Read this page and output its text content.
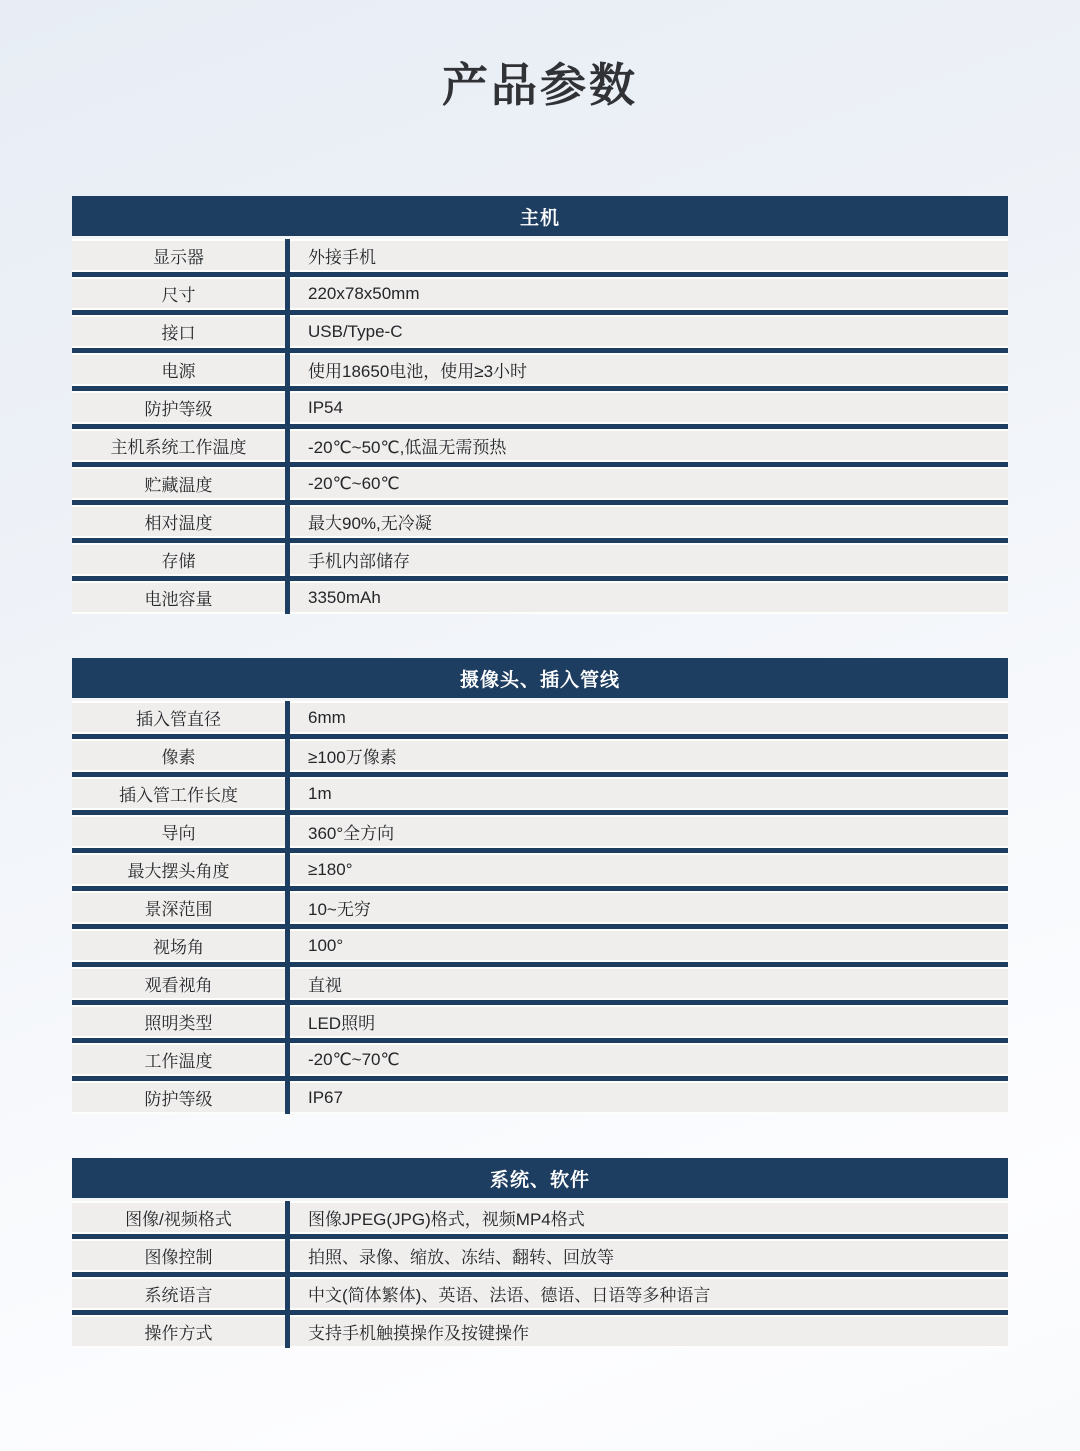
产品参数
主机
显示器	外接手机
尺寸	220x78x50mm
接口	USB/Type-C
电源	使用18650电池，使用≥3小时
防护等级	IP54
主机系统工作温度	-20℃~50℃,低温无需预热
贮藏温度	-20℃~60℃
相对温度	最大90%,无冷凝
存储	手机内部储存
电池容量	3350mAh
摄像头、插入管线
插入管直径	6mm
像素	≥100万像素
插入管工作长度	1m
导向	360°全方向
最大摆头角度	≥180°
景深范围	10~无穷
视场角	100°
观看视角	直视
照明类型	LED照明
工作温度	-20℃~70℃
防护等级	IP67
系统、软件
图像/视频格式	图像JPEG(JPG)格式，视频MP4格式
图像控制	拍照、录像、缩放、冻结、翻转、回放等
系统语言	中文(简体繁体)、英语、法语、德语、日语等多种语言
操作方式	支持手机触摸操作及按键操作
